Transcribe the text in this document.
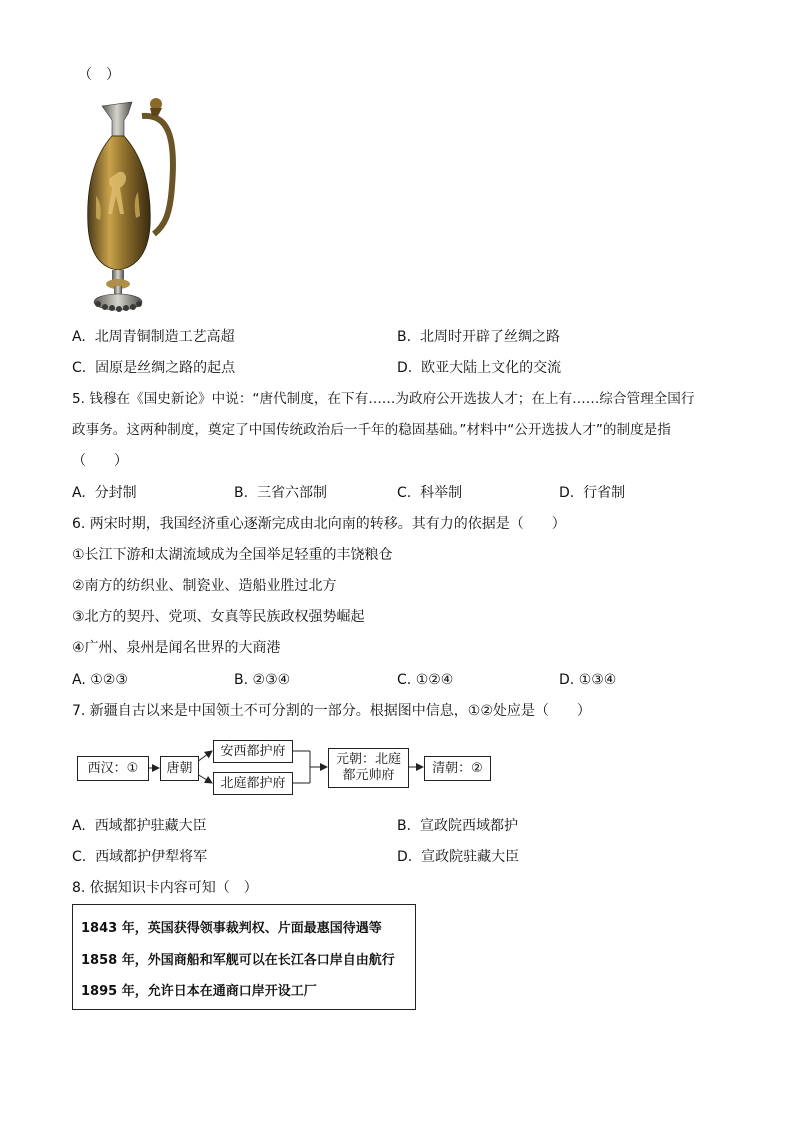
（　）
A. 北周青铜制造工艺高超	B. 北周时开辟了丝绸之路
C. 固原是丝绸之路的起点	D. 欧亚大陆上文化的交流
5. 钱穆在《国史新论》中说：“唐代制度，在下有……为政府公开选拔人才；在上有……综合管理全国行
政事务。这两种制度，奠定了中国传统政治后一千年的稳固基础。”材料中“公开选拔人才”的制度是指
（　　）
A. 分封制	B. 三省六部制	C. 科举制	D. 行省制
6. 两宋时期，我国经济重心逐渐完成由北向南的转移。其有力的依据是（　　）
①长江下游和太湖流域成为全国举足轻重的丰饶粮仓
②南方的纺织业、制瓷业、造船业胜过北方
③北方的契丹、党项、女真等民族政权强势崛起
④广州、泉州是闻名世界的大商港
A. ①②③	B. ②③④	C. ①②④	D. ①③④
7. 新疆自古以来是中国领土不可分割的一部分。根据图中信息，①②处应是（　　）
西汉：①	唐朝
安西都护府
北庭都护府
元朝：北庭
都元帅府	清朝：②
A. 西域都护驻藏大臣	B. 宣政院西域都护
C. 西域都护伊犁将军	D. 宣政院驻藏大臣
8. 依据知识卡内容可知（　）
1843 年，英国获得领事裁判权、片面最惠国待遇等
1858 年，外国商船和军舰可以在长江各口岸自由航行
1895 年，允许日本在通商口岸开设工厂
